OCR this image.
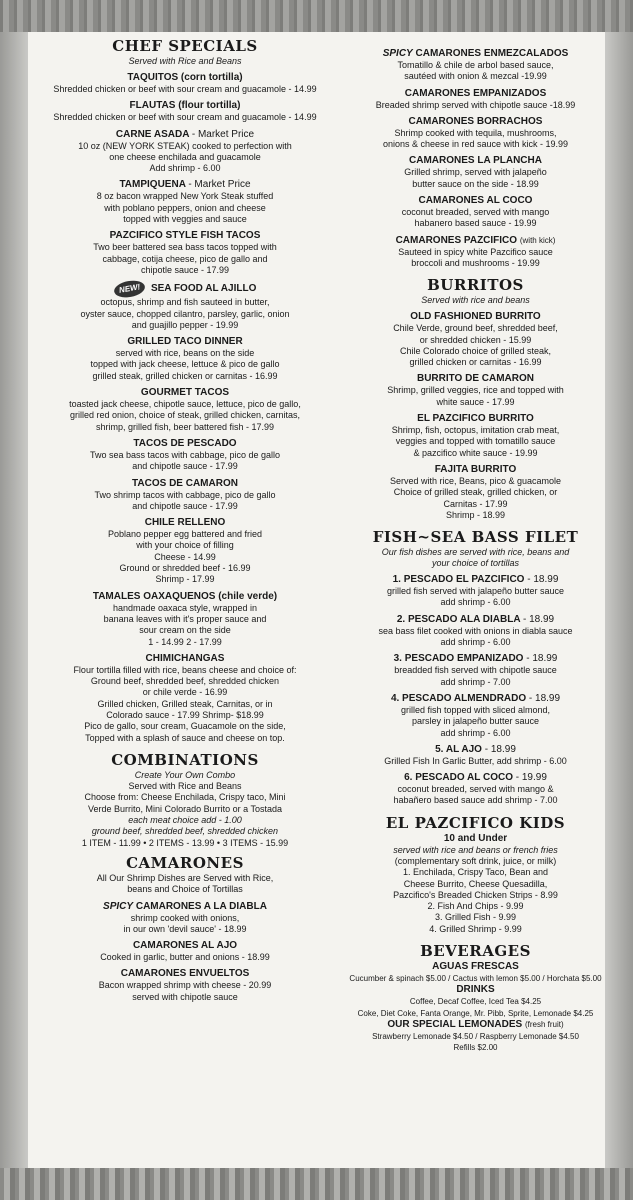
CHEF SPECIALS

Served with Rice and Beans

TAQUITOS (corn tortilla)

Shredded chicken or beef with sour cream and guacamole - 14.99

FLAUTAS (flour tortilla)

Shredded chicken or beef with sour cream and guacamole - 14.99

CARNE ASADA - Market Price

10 oz (NEW YORK STEAK) cooked to perfection with

one cheese enchilada and guacamole

Add shrimp - 6.00

TAMPIQUENA - Market Price

8 oz bacon wrapped New York Steak stuffed

with poblano peppers, onion and cheese

topped with veggies and sauce

PAZCIFICO STYLE FISH TACOS

Two beer battered sea bass tacos topped with

cabbage, cotija cheese, pico de gallo and

chipotle sauce - 17.99

NEW! SEA FOOD AL AJILLO

octopus, shrimp and fish sauteed in butter,

oyster sauce, chopped cilantro, parsley, garlic, onion

and guajillo pepper - 19.99

GRILLED TACO DINNER

served with rice, beans on the side

topped with jack cheese, lettuce & pico de gallo

grilled steak, grilled chicken or carnitas - 16.99

GOURMET TACOS

toasted jack cheese, chipotle sauce, lettuce, pico de gallo,

grilled red onion, choice of steak, grilled chicken, carnitas,

shrimp, grilled fish, beer battered fish - 17.99

TACOS DE PESCADO

Two sea bass tacos with cabbage, pico de gallo

and chipotle sauce - 17.99

TACOS DE CAMARON

Two shrimp tacos with cabbage, pico de gallo

and chipotle sauce - 17.99

CHILE RELLENO

Poblano pepper egg battered and fried

with your choice of filling

Cheese - 14.99

Ground or shredded beef - 16.99

Shrimp - 17.99

TAMALES OAXAQUENOS (chile verde)

handmade oaxaca style, wrapped in

banana leaves with it's proper sauce and

sour cream on the side

1 - 14.99 2 - 17.99

CHIMICHANGAS

Flour tortilla filled with rice, beans cheese and choice of:

Ground beef, shredded beef, shredded chicken

or chile verde - 16.99

Grilled chicken, Grilled steak, Carnitas, or in

Colorado sauce - 17.99 Shrimp- $18.99

Pico de gallo, sour cream, Guacamole on the side,

Topped with a splash of sauce and cheese on top.

COMBINATIONS

Create Your Own Combo

Served with Rice and Beans

Choose from: Cheese Enchilada, Crispy taco, Mini

Verde Burrito, Mini Colorado Burrito or a Tostada

each meat choice add - 1.00

ground beef, shredded beef, shredded chicken

1 ITEM - 11.99 • 2 ITEMS - 13.99 • 3 ITEMS - 15.99

CAMARONES

All Our Shrimp Dishes are Served with Rice,

beans and Choice of Tortillas

SPICY CAMARONES A LA DIABLA

shrimp cooked with onions,

in our own 'devil sauce' - 18.99

CAMARONES AL AJO

Cooked in garlic, butter and onions - 18.99

CAMARONES ENVUELTOS

Bacon wrapped shrimp with cheese - 20.99

served with chipotle sauce

SPICY CAMARONES ENMEZCALADOS

Tomatillo & chile de arbol based sauce,

sautéed with onion & mezcal -19.99

CAMARONES EMPANIZADOS

Breaded shrimp served with chipotle sauce -18.99

CAMARONES BORRACHOS

Shrimp cooked with tequila, mushrooms,

onions & cheese in red sauce with kick - 19.99

CAMARONES LA PLANCHA

Grilled shrimp, served with jalapeño

butter sauce on the side - 18.99

CAMARONES AL COCO

coconut breaded, served with mango

habanero based sauce - 19.99

CAMARONES PAZCIFICO (with kick)

Sauteed in spicy white Pazcifico sauce

broccoli and mushrooms - 19.99

BURRITOS

Served with rice and beans

OLD FASHIONED BURRITO

Chile Verde, ground beef, shredded beef,

or shredded chicken - 15.99

Chile Colorado choice of grilled steak,

grilled chicken or carnitas - 16.99

BURRITO DE CAMARON

Shrimp, grilled veggies, rice and topped with

white sauce - 17.99

EL PAZCIFICO BURRITO

Shrimp, fish, octopus, imitation crab meat,

veggies and topped with tomatillo sauce

& pazcifico white sauce - 19.99

FAJITA BURRITO

Served with rice, Beans, pico & guacamole

Choice of grilled steak, grilled chicken, or

Carnitas - 17.99

Shrimp - 18.99

FISH~SEA BASS FILET

Our fish dishes are served with rice, beans and

your choice of tortillas

1. PESCADO EL PAZCIFICO - 18.99

grilled fish served with jalapeño butter sauce

add shrimp - 6.00

2. PESCADO ALA DIABLA - 18.99

sea bass filet cooked with onions in diabla sauce

add shrimp - 6.00

3. PESCADO EMPANIZADO - 18.99

breadded fish served with chipotle sauce

add shrimp - 7.00

4. PESCADO ALMENDRADO - 18.99

grilled fish topped with sliced almond,

parsley in jalapeño butter sauce

add shrimp - 6.00

5. AL AJO - 18.99

Grilled Fish In Garlic Butter, add shrimp - 6.00

6. PESCADO AL COCO - 19.99

coconut breaded, served with mango &

habañero based sauce add shrimp - 7.00

EL PAZCIFICO KIDS

10 and Under

served with rice and beans or french fries

(complementary soft drink, juice, or milk)

1. Enchilada, Crispy Taco, Bean and

Cheese Burrito, Cheese Quesadilla,

Pazcifico's Breaded Chicken Strips - 8.99

2. Fish And Chips - 9.99

3. Grilled Fish - 9.99

4. Grilled Shrimp - 9.99

BEVERAGES

AGUAS FRESCAS

Cucumber & spinach $5.00 / Cactus with lemon $5.00 / Horchata $5.00

DRINKS

Coffee, Decaf Coffee, Iced Tea $4.25

Coke, Diet Coke, Fanta Orange, Mr. Pibb, Sprite, Lemonade $4.25

OUR SPECIAL LEMONADES (fresh fruit)

Strawberry Lemonade $4.50 / Raspberry Lemonade $4.50

Refills $2.00
